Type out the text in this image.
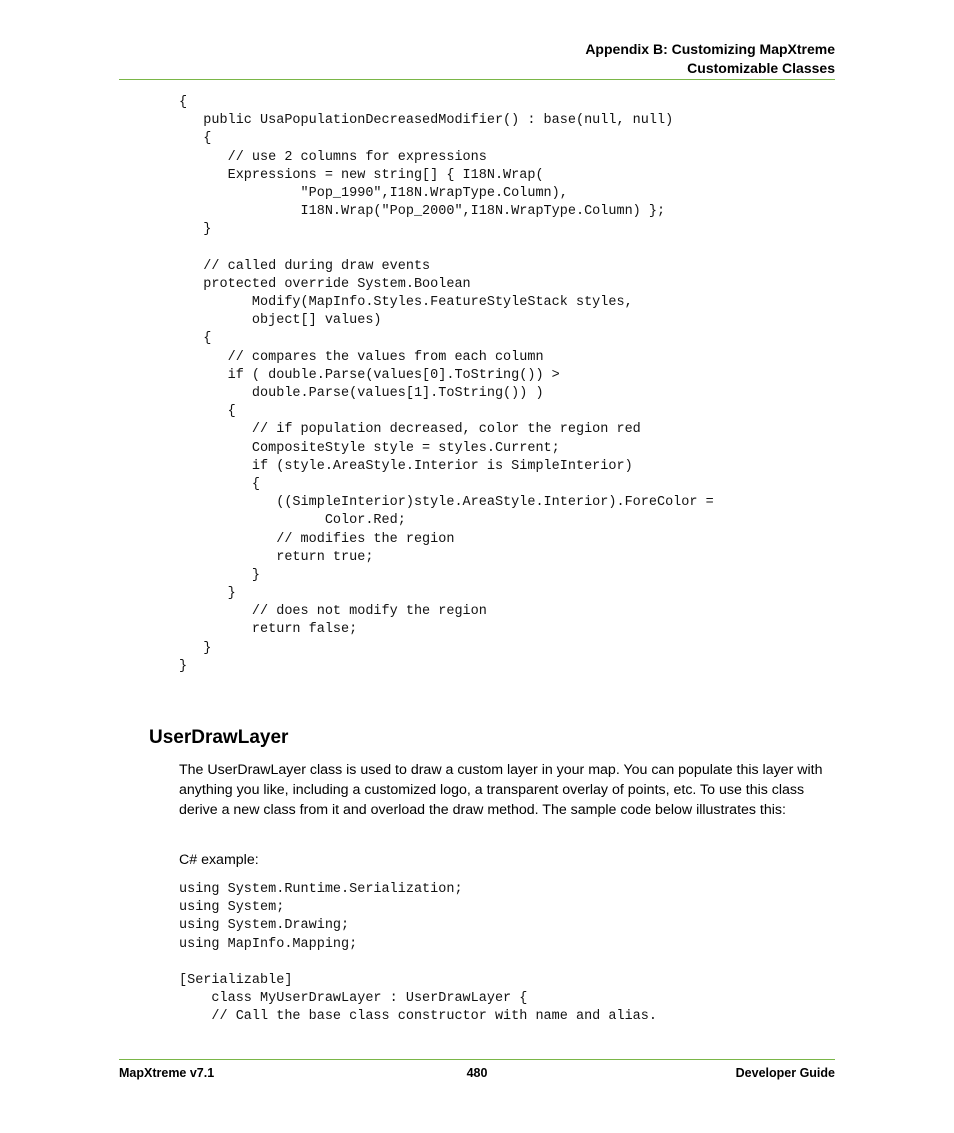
Appendix B: Customizing MapXtreme
Customizable Classes
{
public UsaPopulationDecreasedModifier() : base(null, null)
{
// use 2 columns for expressions
Expressions = new string[] { I18N.Wrap(
"Pop_1990",I18N.WrapType.Column),
I18N.Wrap("Pop_2000",I18N.WrapType.Column) };
}

// called during draw events
protected override System.Boolean
Modify(MapInfo.Styles.FeatureStyleStack styles,
object[] values)
{
// compares the values from each column
if ( double.Parse(values[0].ToString()) >
double.Parse(values[1].ToString()) )
{
// if population decreased, color the region red
CompositeStyle style = styles.Current;
if (style.AreaStyle.Interior is SimpleInterior)
{
((SimpleInterior)style.AreaStyle.Interior).ForeColor =
Color.Red;
// modifies the region
return true;
}
}
// does not modify the region
return false;
}
}
UserDrawLayer
The UserDrawLayer class is used to draw a custom layer in your map. You can populate this layer with anything you like, including a customized logo, a transparent overlay of points, etc. To use this class derive a new class from it and overload the draw method. The sample code below illustrates this:
C# example:
using System.Runtime.Serialization;
using System;
using System.Drawing;
using MapInfo.Mapping;

[Serializable]
class MyUserDrawLayer : UserDrawLayer {
// Call the base class constructor with name and alias.
MapXtreme v7.1	480	Developer Guide
